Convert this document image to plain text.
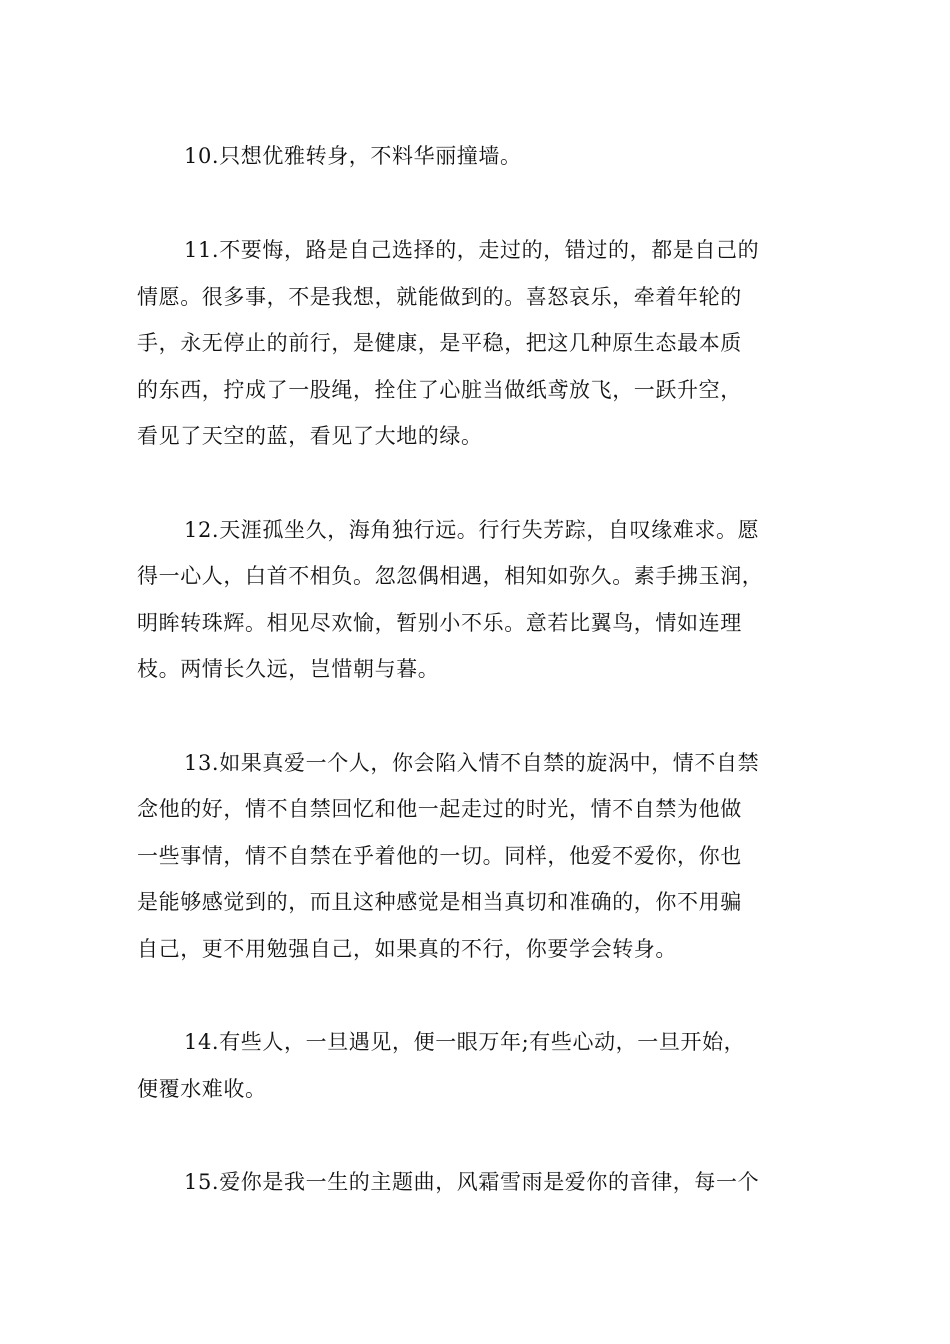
10.只想优雅转身，不料华丽撞墙。
11.不要悔，路是自己选择的，走过的，错过的，都是自己的
情愿。很多事，不是我想，就能做到的。喜怒哀乐，牵着年轮的
手，永无停止的前行，是健康，是平稳，把这几种原生态最本质
的东西，拧成了一股绳，拴住了心脏当做纸鸢放飞，一跃升空，
看见了天空的蓝，看见了大地的绿。
12.天涯孤坐久，海角独行远。行行失芳踪，自叹缘难求。愿
得一心人，白首不相负。忽忽偶相遇，相知如弥久。素手拂玉润，
明眸转珠辉。相见尽欢愉，暂别小不乐。意若比翼鸟，情如连理
枝。两情长久远，岂惜朝与暮。
13.如果真爱一个人，你会陷入情不自禁的旋涡中，情不自禁
念他的好，情不自禁回忆和他一起走过的时光，情不自禁为他做
一些事情，情不自禁在乎着他的一切。同样，他爱不爱你，你也
是能够感觉到的，而且这种感觉是相当真切和准确的，你不用骗
自己，更不用勉强自己，如果真的不行，你要学会转身。
14.有些人，一旦遇见，便一眼万年;有些心动，一旦开始，
便覆水难收。
15.爱你是我一生的主题曲，风霜雪雨是爱你的音律，每一个
